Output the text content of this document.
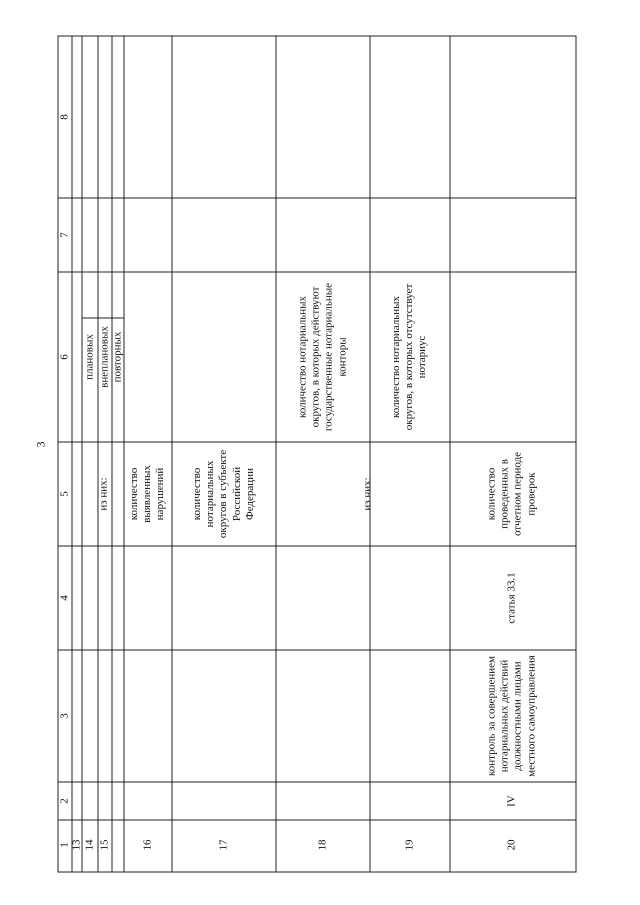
3
1
2
3
4
5
6
7
8
13 14 15
из них:
плановых внеплановых повторных
16
количество выявленных нарушений
17
количество нотариальных округов в субъекте Российской Федерации
18
количество нотариальных округов, в которых действуют государственные нотариальные конторы
из них:
19
количество нотариальных округов, в которых отсутствует нотариус
20
IV
контроль за совершением нотариальных действий должностными лицами местного самоуправления
статья 33.1
количество проведенных в отчетном периоде проверок
